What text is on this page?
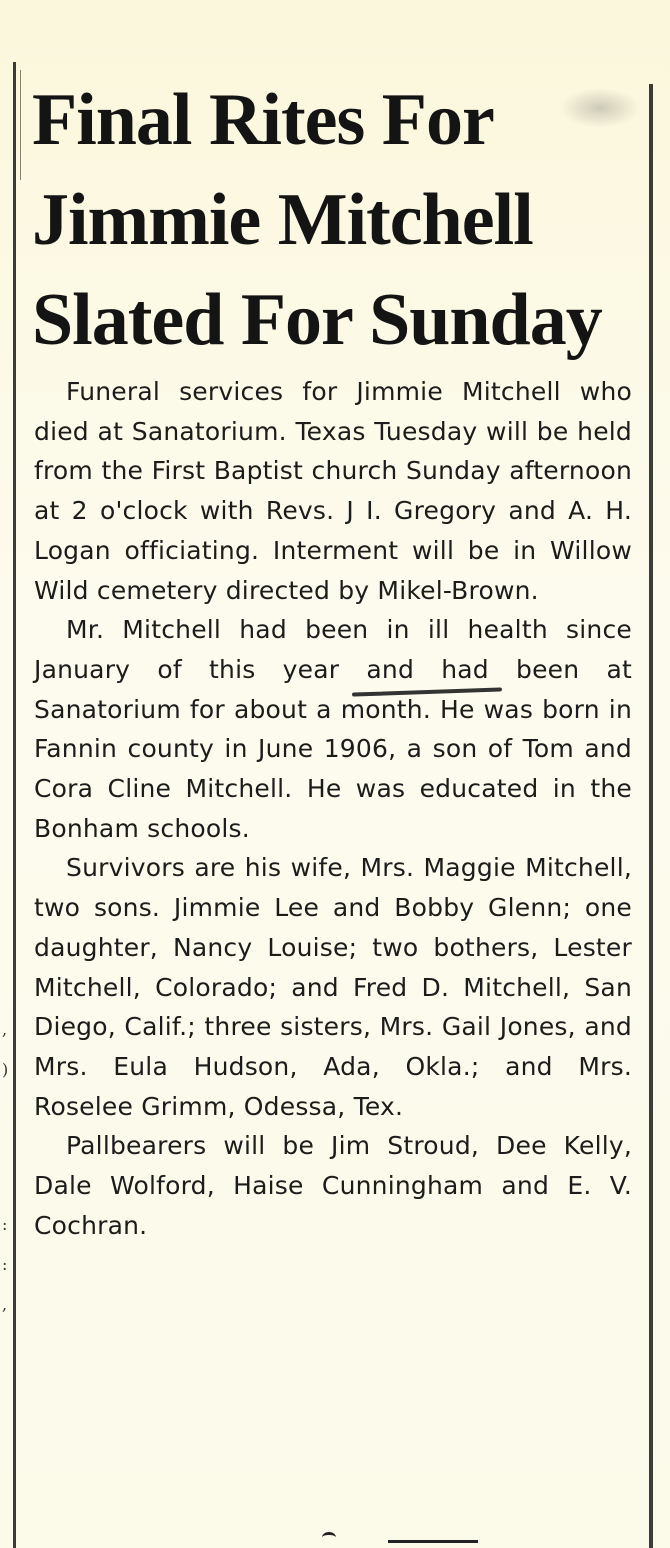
,
)
:
:
,
Final Rites For
Jimmie Mitchell
Slated For Sunday

Funeral services for Jimmie Mitchell who died at Sanatorium. Texas Tuesday will be held from the First Baptist church Sunday afternoon at 2 o'clock with Revs. J I. Gregory and A. H. Logan officiating. Interment will be in Willow Wild cemetery directed by Mikel-Brown.

Mr. Mitchell had been in ill health since January of this year and had been at Sanatorium for about a month. He was born in Fannin county in June 1906, a son of Tom and Cora Cline Mitchell. He was educated in the Bonham schools.

Survivors are his wife, Mrs. Maggie Mitchell, two sons. Jimmie Lee and Bobby Glenn; one daughter, Nancy Louise; two bothers, Lester Mitchell, Colorado; and Fred D. Mitchell, San Diego, Calif.; three sisters, Mrs. Gail Jones, and Mrs. Eula Hudson, Ada, Okla.; and Mrs. Roselee Grimm, Odessa, Tex.

Pallbearers will be Jim Stroud, Dee Kelly, Dale Wolford, Haise Cunningham and E. V. Cochran.
